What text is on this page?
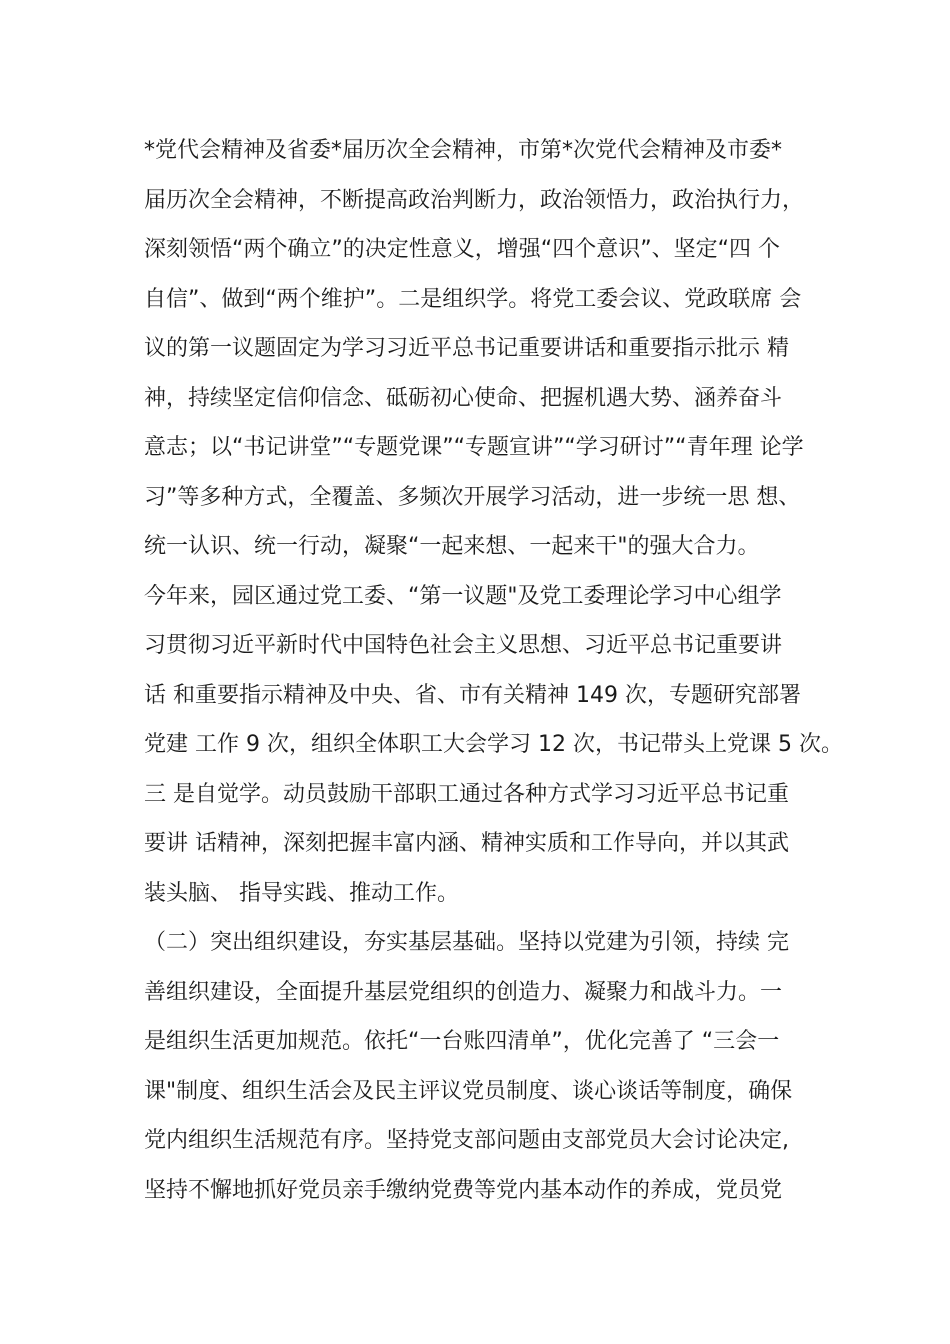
*党代会精神及省委*届历次全会精神，市第*次党代会精神及市委*
届历次全会精神，不断提高政治判断力，政治领悟力，政治执行力，
深刻领悟“两个确立”的决定性意义，增强“四个意识”、坚定“四 个
自信”、做到“两个维护”。二是组织学。将党工委会议、党政联席 会
议的第一议题固定为学习习近平总书记重要讲话和重要指示批示 精
神，持续坚定信仰信念、砥砺初心使命、把握机遇大势、涵养奋斗
意志；以“书记讲堂”“专题党课”“专题宣讲”“学习研讨”“青年理 论学
习”等多种方式，全覆盖、多频次开展学习活动，进一步统一思 想、
统一认识、统一行动，凝聚“一起来想、一起来干"的强大合力。
今年来，园区通过党工委、“第一议题"及党工委理论学习中心组学
习贯彻习近平新时代中国特色社会主义思想、习近平总书记重要讲
话 和重要指示精神及中央、省、市有关精神 149 次，专题研究部署
党建 工作 9 次，组织全体职工大会学习 12 次，书记带头上党课 5 次。
三 是自觉学。动员鼓励干部职工通过各种方式学习习近平总书记重
要讲 话精神，深刻把握丰富内涵、精神实质和工作导向，并以其武
装头脑、 指导实践、推动工作。
（二）突出组织建设，夯实基层基础。坚持以党建为引领，持续 完
善组织建设，全面提升基层党组织的创造力、凝聚力和战斗力。一
是组织生活更加规范。依托“一台账四清单”，优化完善了 “三会一
课"制度、组织生活会及民主评议党员制度、谈心谈话等制度，确保
党内组织生活规范有序。坚持党支部问题由支部党员大会讨论决定,
坚持不懈地抓好党员亲手缴纳党费等党内基本动作的养成，党员党
